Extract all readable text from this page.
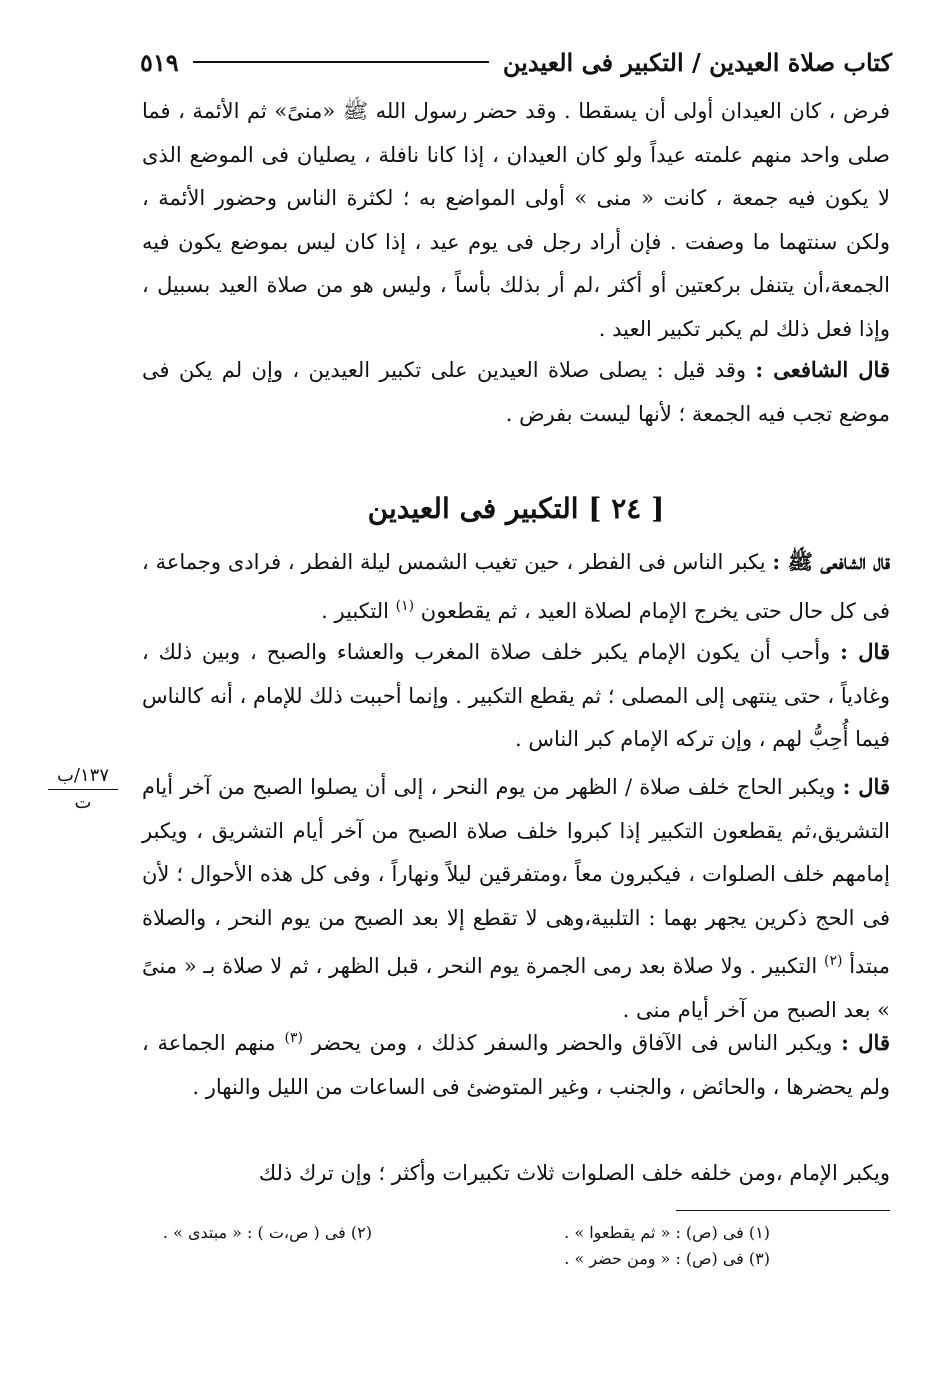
كتاب صلاة العيدين / التكبير فى العيدين
٥١٩
فرض ، كان العيدان أولى أن يسقطا . وقد حضر رسول الله ﷺ «منىً» ثم الأئمة ، فما صلى واحد منهم علمته عيداً ولو كان العيدان ، إذا كانا نافلة ، يصليان فى الموضع الذى لا يكون فيه جمعة ، كانت « منى » أولى المواضع به ؛ لكثرة الناس وحضور الأئمة ، ولكن سنتهما ما وصفت . فإن أراد رجل فى يوم عيد ، إذا كان ليس بموضع يكون فيه الجمعة،أن يتنفل بركعتين أو أكثر ،لم أر بذلك بأساً ، وليس هو من صلاة العيد بسبيل ، وإذا فعل ذلك لم يكبر تكبير العيد .
قال الشافعى : وقد قيل : يصلى صلاة العيدين على تكبير العيدين ، وإن لم يكن فى موضع تجب فيه الجمعة ؛ لأنها ليست بفرض .
[ ٢٤ ] التكبير فى العيدين
قال الشافعى ﷺ : يكبر الناس فى الفطر ، حين تغيب الشمس ليلة الفطر ، فرادى وجماعة ، فى كل حال حتى يخرج الإمام لصلاة العيد ، ثم يقطعون $^{(١)}$ التكبير .
قال : وأحب أن يكون الإمام يكبر خلف صلاة المغرب والعشاء والصبح ، وبين ذلك ، وغادياً ، حتى ينتهى إلى المصلى ؛ ثم يقطع التكبير . وإنما أحببت ذلك للإمام ، أنه كالناس فيما أُحِبُّ لهم ، وإن تركه الإمام كبر الناس .
قال : ويكبر الحاج خلف صلاة / الظهر من يوم النحر ، إلى أن يصلوا الصبح من آخر أيام التشريق،ثم يقطعون التكبير إذا كبروا خلف صلاة الصبح من آخر أيام التشريق ، ويكبر إمامهم خلف الصلوات ، فيكبرون معاً ،ومتفرقين ليلاً ونهاراً ، وفى كل هذه الأحوال ؛ لأن فى الحج ذكرين يجهر بهما : التلبية،وهى لا تقطع إلا بعد الصبح من يوم النحر ، والصلاة مبتدأ $^{(٢)}$ التكبير . ولا صلاة بعد رمى الجمرة يوم النحر ، قبل الظهر ، ثم لا صلاة بـ « منىً » بعد الصبح من آخر أيام منى .
١٣٧/ب
ت
قال : ويكبر الناس فى الآفاق والحضر والسفر كذلك ، ومن يحضر $^{(٣)}$ منهم الجماعة ، ولم يحضرها ، والحائض ، والجنب ، وغير المتوضئ فى الساعات من الليل والنهار .
ويكبر الإمام ،ومن خلفه خلف الصلوات ثلاث تكبيرات وأكثر ؛ وإن ترك ذلك
(١) فى (ص) : « ثم يقطعوا » .
(٢) فى ( ص،ت ) : « مبتدى » .
(٣) فى (ص) : « ومن حضر » .
